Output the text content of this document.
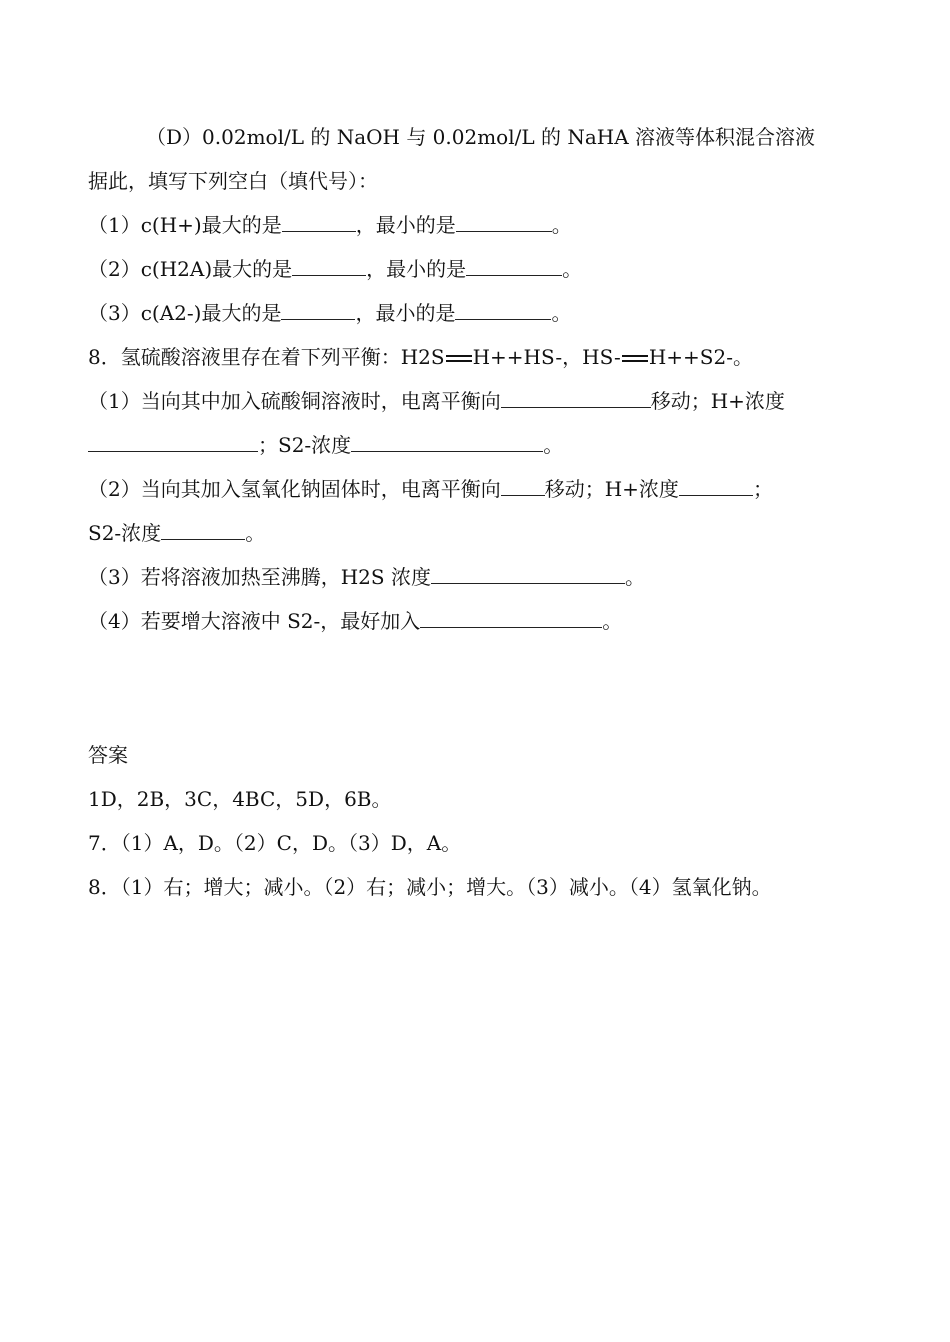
（D）0.02mol/L 的 NaOH 与 0.02mol/L 的 NaHA 溶液等体积混合溶液
据此，填写下列空白（填代号）：
（1）c(H+)最大的是	，最小的是	。
（2）c(H2A)最大的是	，最小的是	。
（3）c(A2-)最大的是	，最小的是	。
8．氢硫酸溶液里存在着下列平衡：H2S H++HS-，HS- H++S2-。
（1）当向其中加入硫酸铜溶液时，电离平衡向	移动；H+浓度
；S2-浓度	。
（2）当向其加入氢氧化钠固体时，电离平衡向 移动；H+浓度	；
S2-浓度	。
（3）若将溶液加热至沸腾，H2S 浓度	。
（4）若要增大溶液中 S2-，最好加入	。
答案
1D，2B，3C，4BC，5D，6B。
7．（1）A，D。（2）C，D。（3）D，A。
8．（1）右；增大；减小。（2）右；减小；增大。（3）减小。（4）氢氧化钠。
